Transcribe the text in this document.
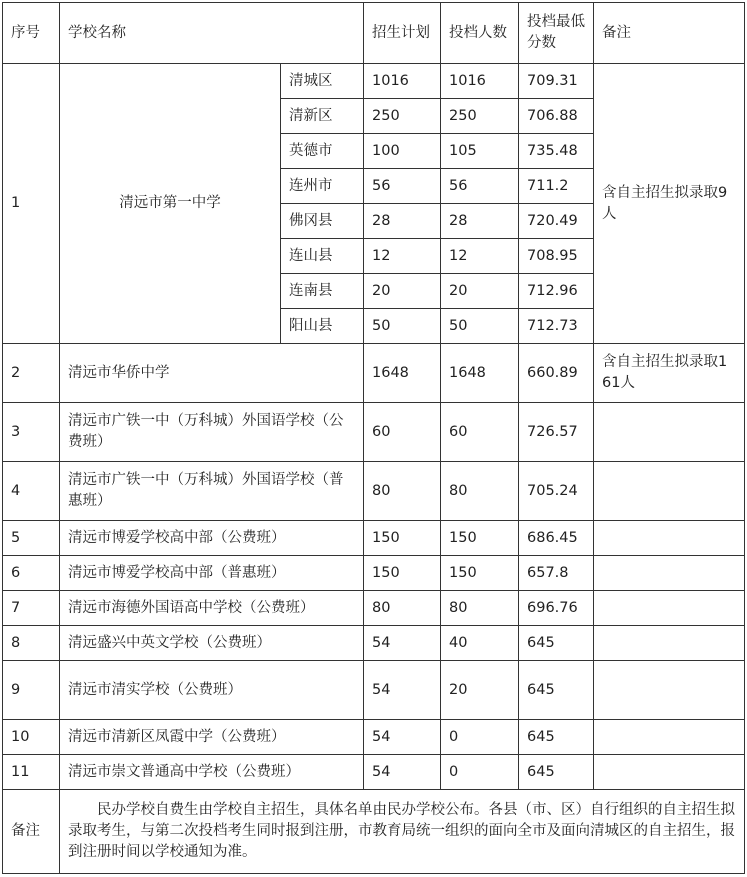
序号	学校名称		招生计划	投档人数	投档最低分数	备注
1	清远市第一中学	清城区	1016	1016	709.31	含自主招生拟录取9人
		清新区	250	250	706.88	
		英德市	100	105	735.48	
		连州市	56	56	711.2	
		佛冈县	28	28	720.49	
		连山县	12	12	708.95	
		连南县	20	20	712.96	
		阳山县	50	50	712.73	
2	清远市华侨中学		1648	1648	660.89	含自主招生拟录取161人
3	清远市广铁一中（万科城）外国语学校（公费班）		60	60	726.57	
4	清远市广铁一中（万科城）外国语学校（普惠班）		80	80	705.24	
5	清远市博爱学校高中部（公费班）		150	150	686.45	
6	清远市博爱学校高中部（普惠班）		150	150	657.8	
7	清远市海德外国语高中学校（公费班）		80	80	696.76	
8	清远盛兴中英文学校（公费班）		54	40	645	
9	清远市清实学校（公费班）		54	20	645	
10	清远市清新区凤霞中学（公费班）		54	0	645	
11	清远市崇文普通高中学校（公费班）		54	0	645	
备注	民办学校自费生由学校自主招生，具体名单由民办学校公布。各县（市、区）自行组织的自主招生拟录取考生，与第二次投档考生同时报到注册，市教育局统一组织的面向全市及面向清城区的自主招生，报到注册时间以学校通知为准。					
